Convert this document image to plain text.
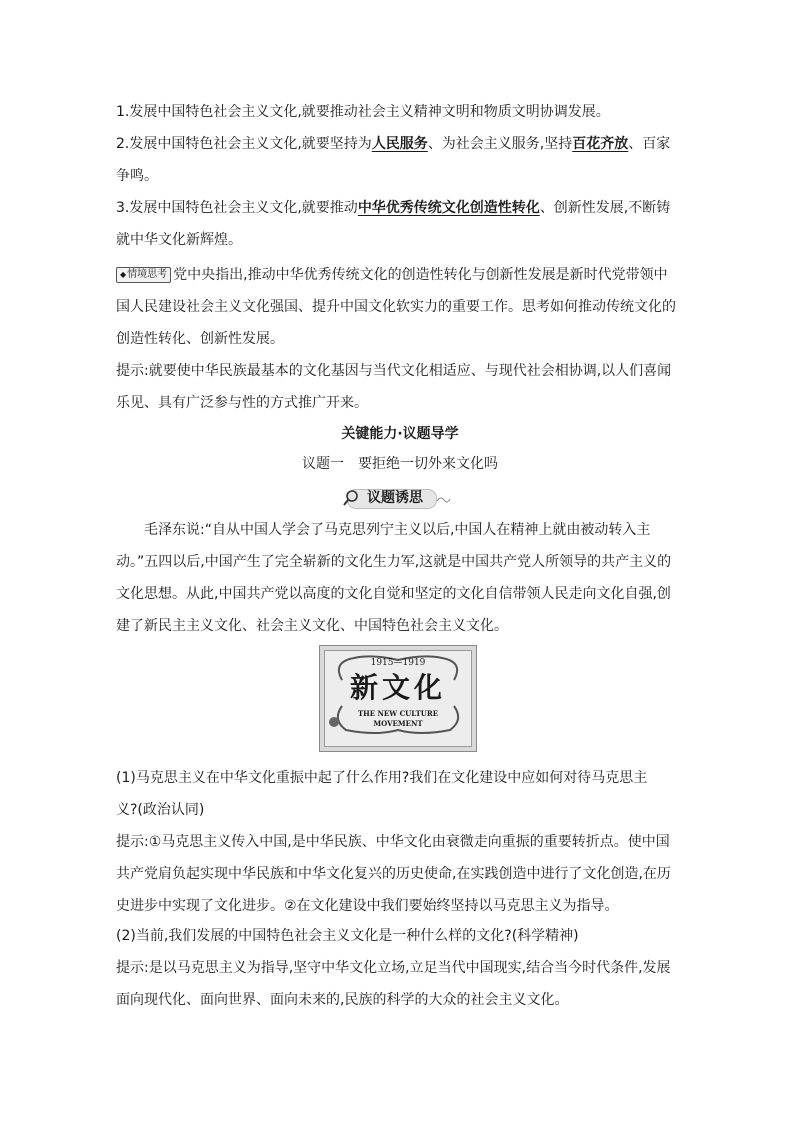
1.发展中国特色社会主义文化,就要推动社会主义精神文明和物质文明协调发展。
2.发展中国特色社会主义文化,就要坚持为人民服务、为社会主义服务,坚持百花齐放、百家
争鸣。
3.发展中国特色社会主义文化,就要推动中华优秀传统文化创造性转化、创新性发展,不断铸
就中华文化新辉煌。
◆情境思考 党中央指出,推动中华优秀传统文化的创造性转化与创新性发展是新时代党带领中
国人民建设社会主义文化强国、提升中国文化软实力的重要工作。思考如何推动传统文化的
创造性转化、创新性发展。
提示:就要使中华民族最基本的文化基因与当代文化相适应、与现代社会相协调,以人们喜闻
乐见、具有广泛参与性的方式推广开来。
关键能力·议题导学
议题一　要拒绝一切外来文化吗
议题诱思
毛泽东说:“自从中国人学会了马克思列宁主义以后,中国人在精神上就由被动转入主
动。”五四以后,中国产生了完全崭新的文化生力军,这就是中国共产党人所领导的共产主义的
文化思想。从此,中国共产党以高度的文化自觉和坚定的文化自信带领人民走向文化自强,创
建了新民主主义文化、社会主义文化、中国特色社会主义文化。
1915—1919
新文化
THE NEW CULTURE
MOVEMENT
(1)马克思主义在中华文化重振中起了什么作用?我们在文化建设中应如何对待马克思主
义?(政治认同)
提示:①马克思主义传入中国,是中华民族、中华文化由衰微走向重振的重要转折点。使中国
共产党肩负起实现中华民族和中华文化复兴的历史使命,在实践创造中进行了文化创造,在历
史进步中实现了文化进步。②在文化建设中我们要始终坚持以马克思主义为指导。
(2)当前,我们发展的中国特色社会主义文化是一种什么样的文化?(科学精神)
提示:是以马克思主义为指导,坚守中华文化立场,立足当代中国现实,结合当今时代条件,发展
面向现代化、面向世界、面向未来的,民族的科学的大众的社会主义文化。
